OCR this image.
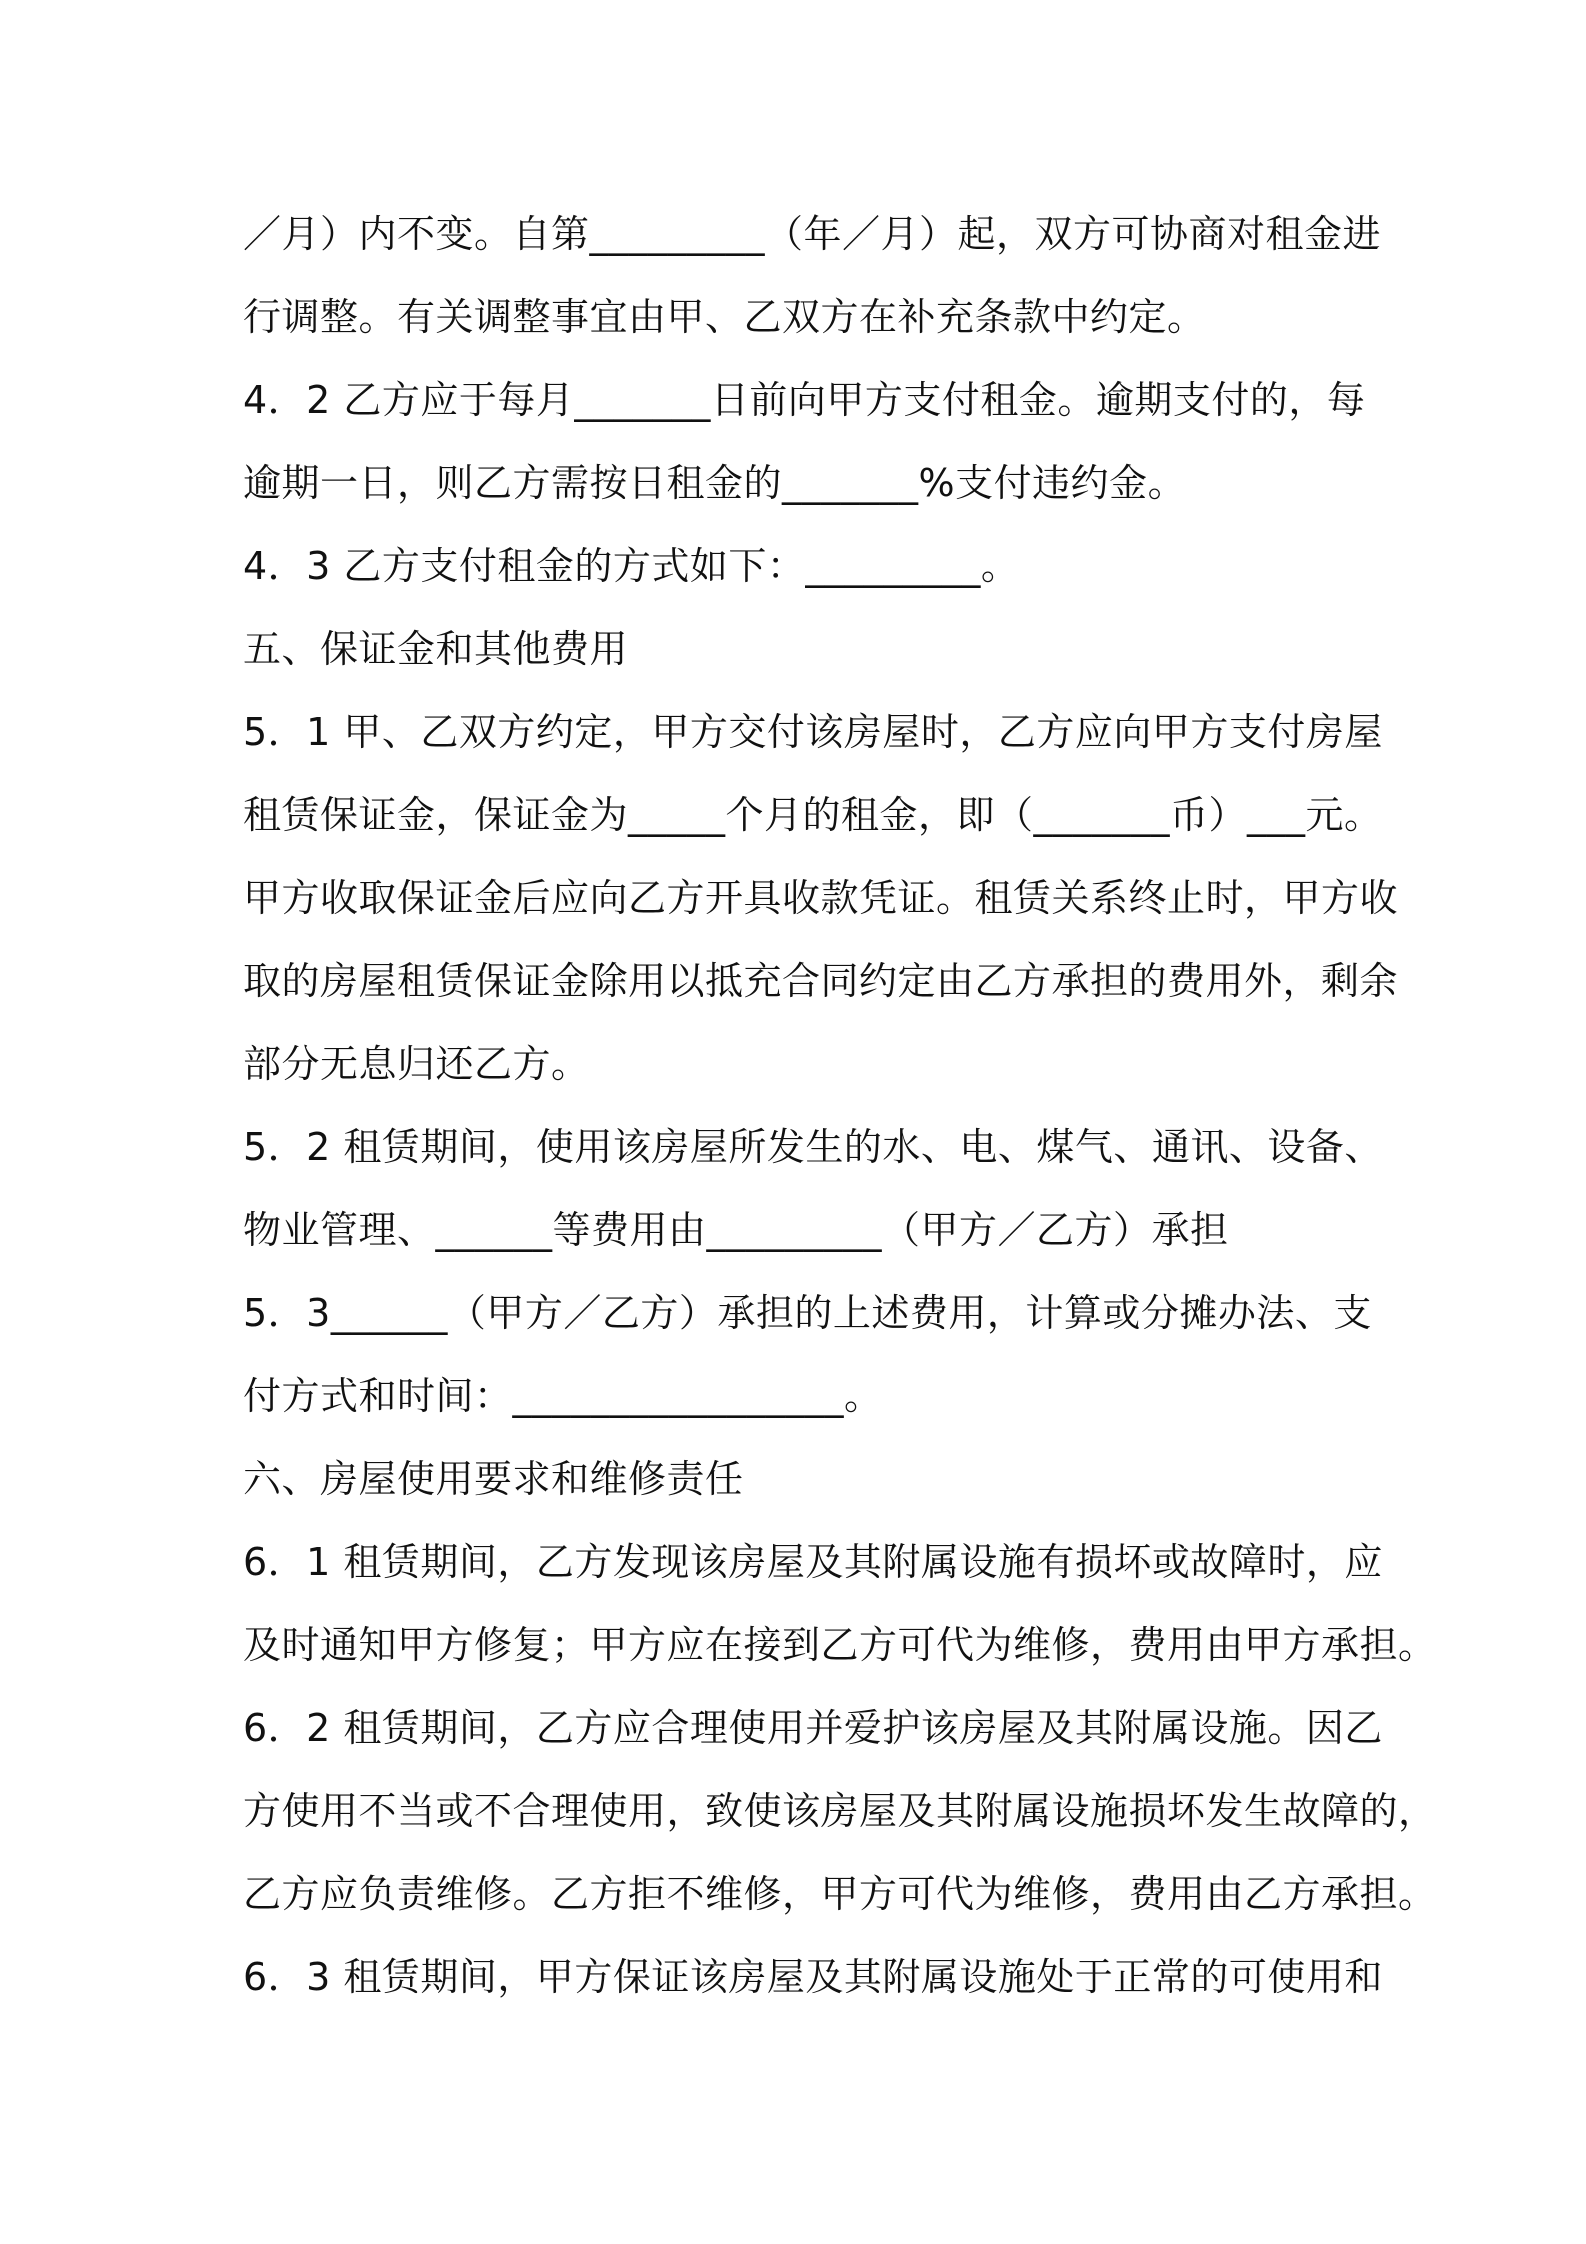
／月）内不变。自第_________（年／月）起，双方可协商对租金进
行调整。有关调整事宜由甲、乙双方在补充条款中约定。
4．2 乙方应于每月_______日前向甲方支付租金。逾期支付的，每
逾期一日，则乙方需按日租金的_______%支付违约金。
4．3 乙方支付租金的方式如下：_________。
五、保证金和其他费用
5．1 甲、乙双方约定，甲方交付该房屋时，乙方应向甲方支付房屋
租赁保证金，保证金为_____个月的租金，即（_______币）___元。
甲方收取保证金后应向乙方开具收款凭证。租赁关系终止时，甲方收
取的房屋租赁保证金除用以抵充合同约定由乙方承担的费用外，剩余
部分无息归还乙方。
5．2 租赁期间，使用该房屋所发生的水、电、煤气、通讯、设备、
物业管理、______等费用由_________（甲方／乙方）承担
5．3______（甲方／乙方）承担的上述费用，计算或分摊办法、支
付方式和时间：_________________。
六、房屋使用要求和维修责任
6．1 租赁期间，乙方发现该房屋及其附属设施有损坏或故障时，应
及时通知甲方修复；甲方应在接到乙方可代为维修，费用由甲方承担。
6．2 租赁期间，乙方应合理使用并爱护该房屋及其附属设施。因乙
方使用不当或不合理使用，致使该房屋及其附属设施损坏发生故障的，
乙方应负责维修。乙方拒不维修，甲方可代为维修，费用由乙方承担。
6．3 租赁期间，甲方保证该房屋及其附属设施处于正常的可使用和
